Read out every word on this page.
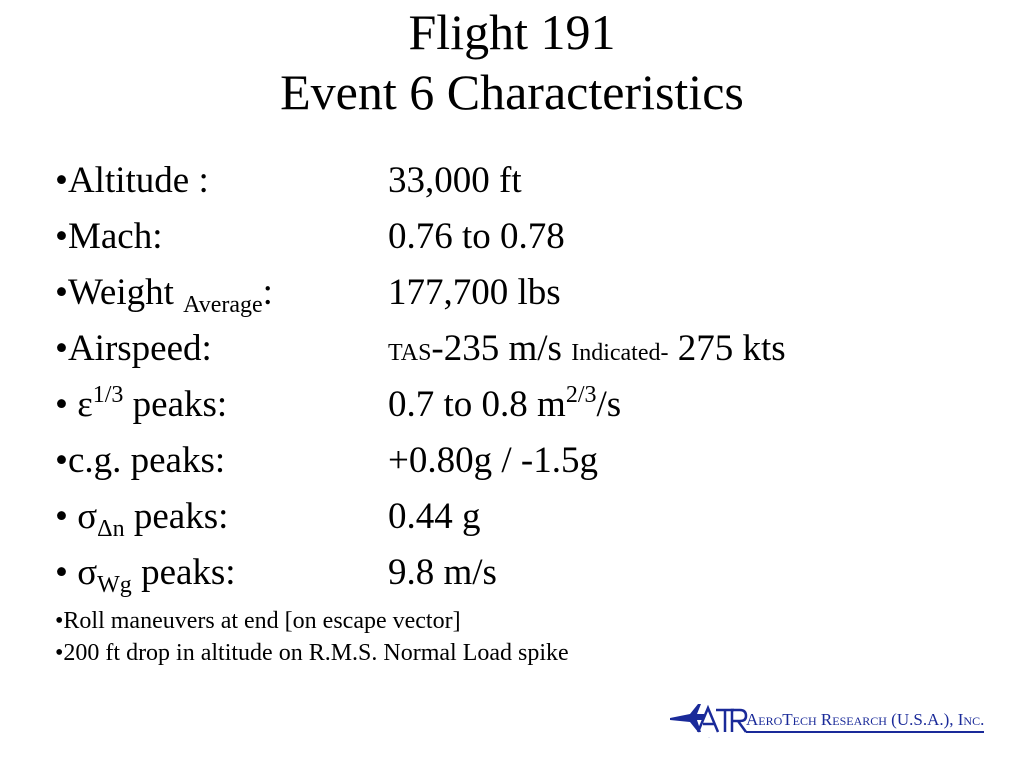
Flight 191
Event 6 Characteristics
•Altitude :	33,000 ft
•Mach:	0.76 to 0.78
•Weight $_{Average}$:	177,700 lbs
•Airspeed:	TAS-235 m/s Indicated- 275 kts
• $\varepsilon^{1/3}$ peaks:	0.7 to 0.8 $m^{2/3}/s$
•c.g. peaks:	+0.80g / -1.5g
• $\sigma_{\Delta n}$ peaks:	0.44 g
• $\sigma_{Wg}$ peaks:	9.8 m/s
•Roll maneuvers at end [on escape vector]
•200 ft drop in altitude on R.M.S. Normal Load spike
ATR
AeroTech Research (U.S.A.), Inc.
